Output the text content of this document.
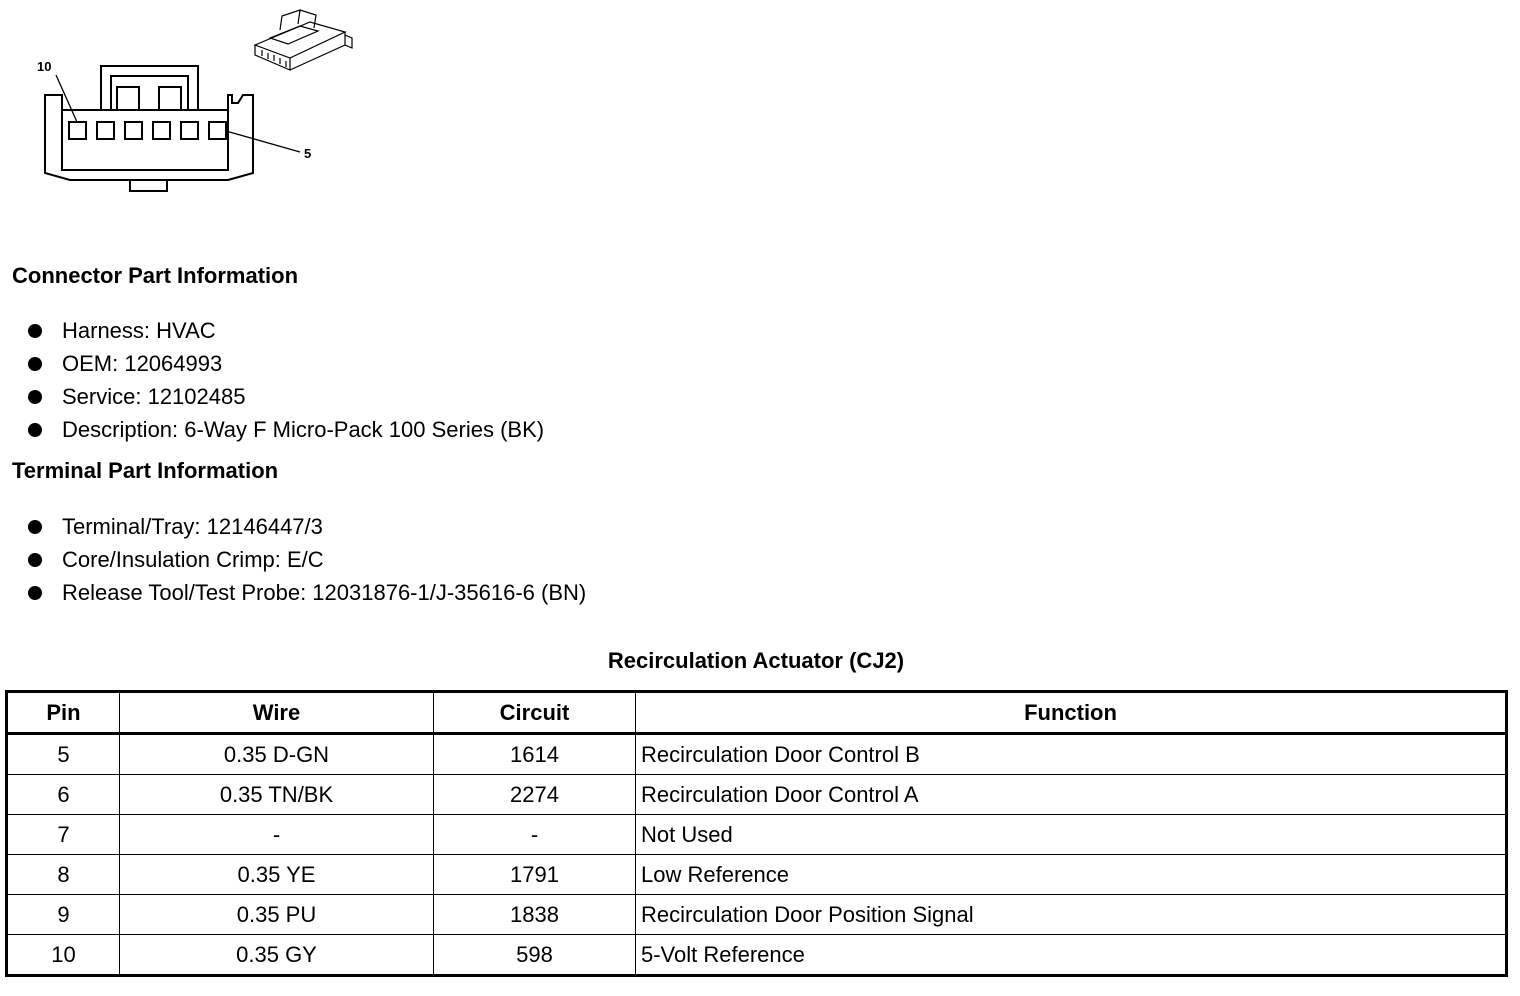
10
5
Connector Part Information
Harness: HVAC
OEM: 12064993
Service: 12102485
Description: 6-Way F Micro-Pack 100 Series (BK)
Terminal Part Information
Terminal/Tray: 12146447/3
Core/Insulation Crimp: E/C
Release Tool/Test Probe: 12031876-1/J-35616-6 (BN)
Recirculation Actuator (CJ2)
Pin	Wire	Circuit	Function
5	0.35 D-GN	1614	Recirculation Door Control B
6	0.35 TN/BK	2274	Recirculation Door Control A
7	-	-	Not Used
8	0.35 YE	1791	Low Reference
9	0.35 PU	1838	Recirculation Door Position Signal
10	0.35 GY	598	5-Volt Reference
